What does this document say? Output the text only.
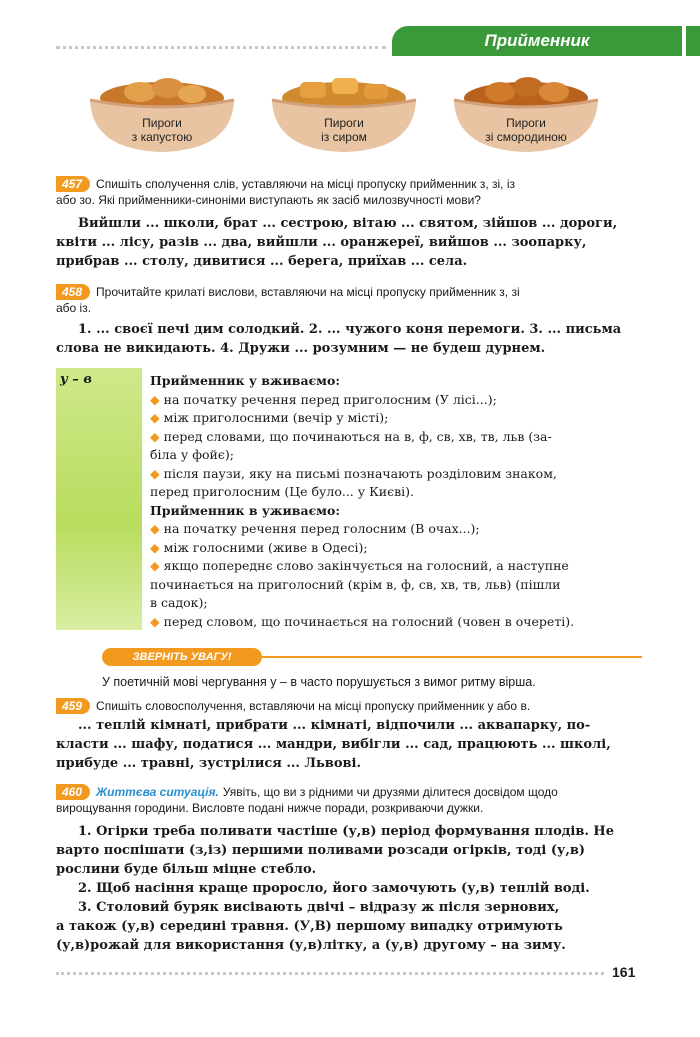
Прийменник
Пироги
з капустою
Пироги
із сиром
Пироги
зі смородиною
457 Спишіть сполучення слів, уставляючи на місці пропуску прийменник з, зі, із
або зо. Які прийменники-синоніми виступають як засіб милозвучності мови?
Вийшли ... школи, брат ... сестрою, вітаю ... святом, зійшов ... дороги,
квіти ... лісу, разів ... два, вийшли ... оранжереї, вийшов ... зоопарку,
прибрав ... столу, дивитися ... берега, приїхав ... села.
458 Прочитайте крилаті вислови, вставляючи на місці пропуску прийменник з, зі
або із.
1. ... своєї печі дим солодкий. 2. ... чужого коня перемоги. 3. ... письма
слова не викидають. 4. Дружи ... розумним — не будеш дурнем.
у – в	Прийменник у вживаємо:
◆ на початку речення перед приголосним (У лісі...);
◆ між приголосними (вечір у місті);
◆ перед словами, що починаються на в, ф, св, хв, тв, льв (за-
біла у фойє);
◆ після паузи, яку на письмі позначають розділовим знаком,
перед приголосним (Це було... у Києві).
Прийменник в уживаємо:
◆ на початку речення перед голосним (В очах...);
◆ між голосними (живе в Одесі);
◆ якщо попереднє слово закінчується на голосний, а наступне
починається на приголосний (крім в, ф, св, хв, тв, льв) (пішли
в садок);
◆ перед словом, що починається на голосний (човен в очереті).
ЗВЕРНІТЬ УВАГУ!
У поетичній мові чергування у – в часто порушується з вимог ритму вірша.
459 Спишіть словосполучення, вставляючи на місці пропуску прийменник у або в.
... теплій кімнаті, прибрати ... кімнаті, відпочили ... аквапарку, по-
класти ... шафу, податися ... мандри, вибігли ... сад, працюють ... школі,
прибуде ... травні, зустрілися ... Львові.
460 Життєва ситуація. Уявіть, що ви з рідними чи друзями ділитеся досвідом щодо
вирощування городини. Висловте подані нижче поради, розкриваючи дужки.
1. Огірки треба поливати частіше (у,в) період формування плодів. Не
варто поспішати (з,із) першими поливами розсади огірків, тоді (у,в)
рослини буде більш міцне стебло.
2. Щоб насіння краще проросло, його замочують (у,в) теплій воді.
3. Столовий буряк висівають двічі – відразу ж після зернових,
а також (у,в) середині травня. (У,В) першому випадку отримують
(у,в)рожай для використання (у,в)літку, а (у,в) другому – на зиму.
161
